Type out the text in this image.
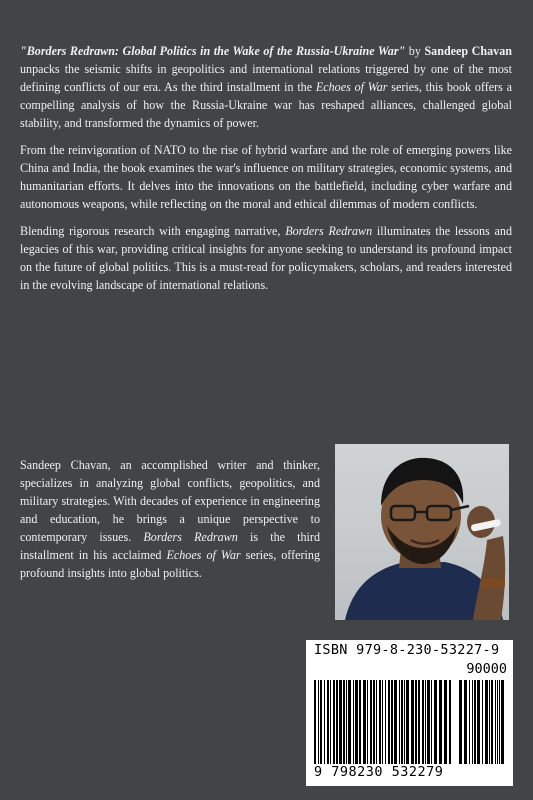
"Borders Redrawn: Global Politics in the Wake of the Russia-Ukraine War" by Sandeep Chavan unpacks the seismic shifts in geopolitics and international relations triggered by one of the most defining conflicts of our era. As the third installment in the Echoes of War series, this book offers a compelling analysis of how the Russia-Ukraine war has reshaped alliances, challenged global stability, and transformed the dynamics of power.

From the reinvigoration of NATO to the rise of hybrid warfare and the role of emerging powers like China and India, the book examines the war's influence on military strategies, economic systems, and humanitarian efforts. It delves into the innovations on the battlefield, including cyber warfare and autonomous weapons, while reflecting on the moral and ethical dilemmas of modern conflicts.

Blending rigorous research with engaging narrative, Borders Redrawn illuminates the lessons and legacies of this war, providing critical insights for anyone seeking to understand its profound impact on the future of global politics. This is a must-read for policymakers, scholars, and readers interested in the evolving landscape of international relations.

Sandeep Chavan, an accomplished writer and thinker, specializes in analyzing global conflicts, geopolitics, and military strategies. With decades of experience in engineering and education, he brings a unique perspective to contemporary issues. Borders Redrawn is the third installment in his acclaimed Echoes of War series, offering profound insights into global politics.

ISBN 979-8-230-53227-9
90000
9 798230 532279
